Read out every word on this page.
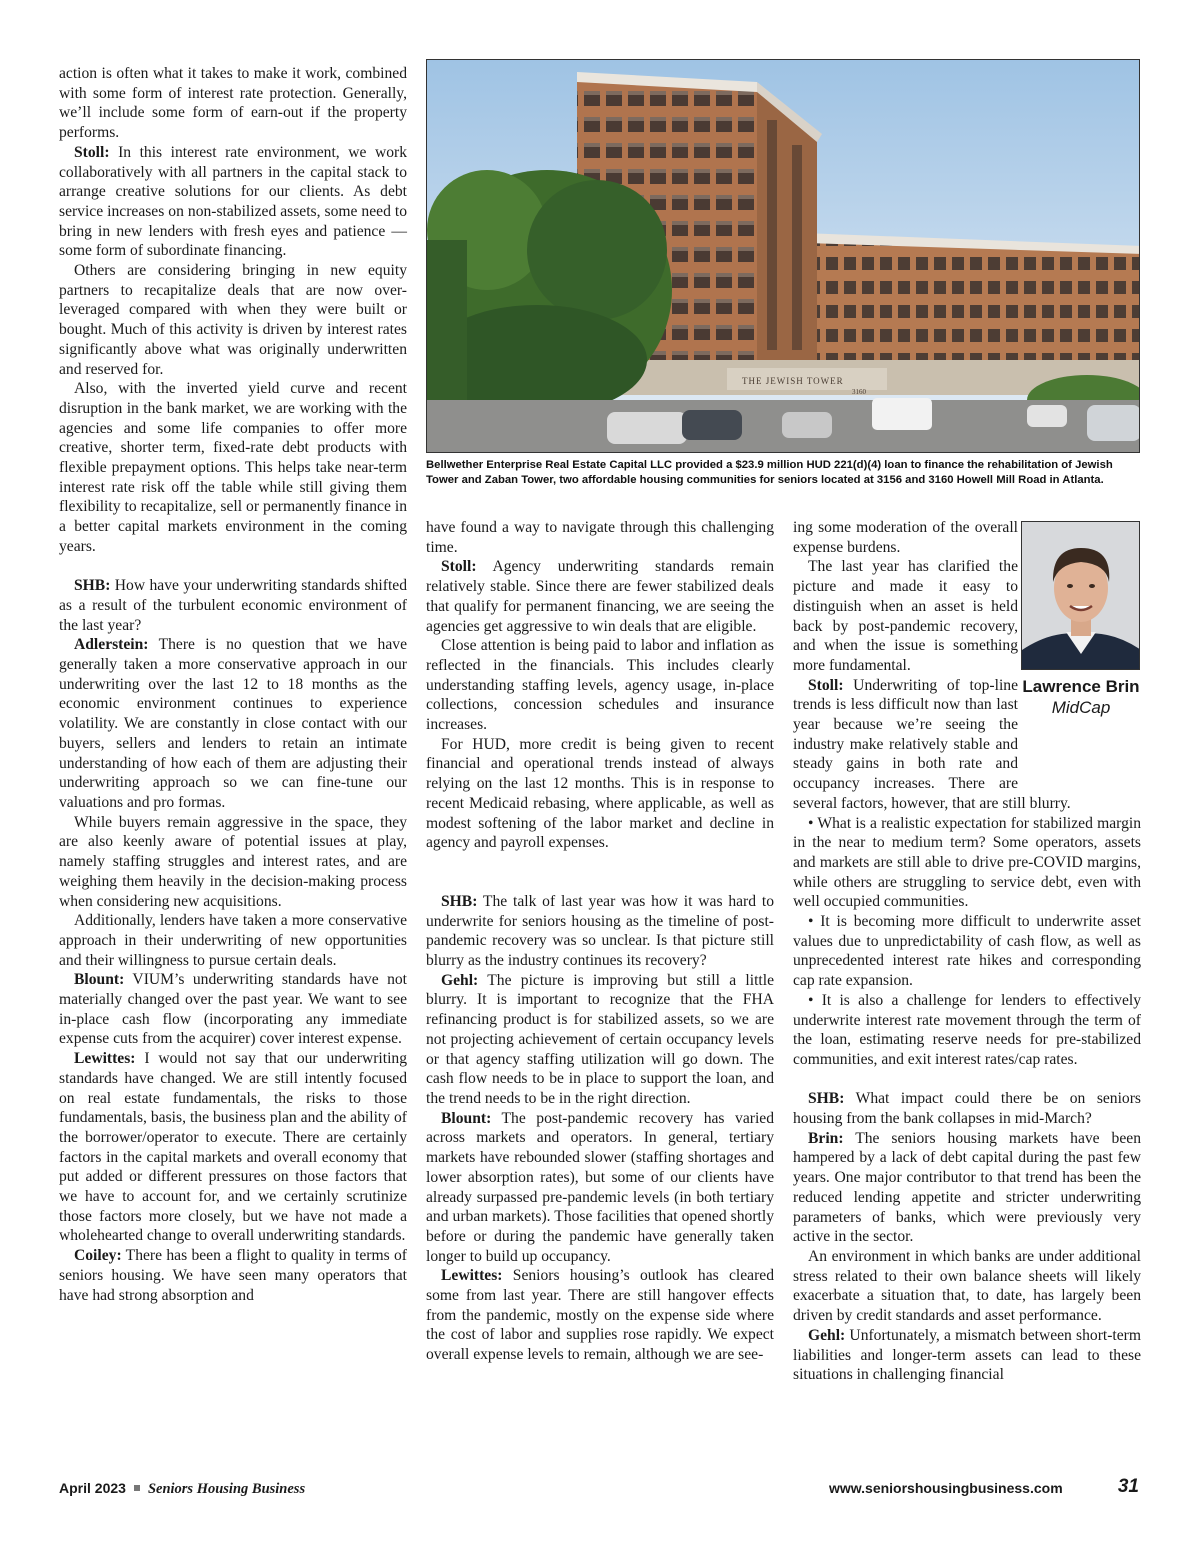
action is often what it takes to make it work, combined with some form of interest rate protection. Generally, we’ll include some form of earn-out if the property performs.

Stoll: In this interest rate environment, we work collaboratively with all partners in the capital stack to arrange creative solutions for our clients. As debt service increases on non-stabilized assets, some need to bring in new lenders with fresh eyes and patience — some form of subordinate financing.

Others are considering bringing in new equity partners to recapitalize deals that are now over-leveraged compared with when they were built or bought. Much of this activity is driven by interest rates significantly above what was originally underwritten and reserved for.

Also, with the inverted yield curve and recent disruption in the bank market, we are working with the agencies and some life companies to offer more creative, shorter term, fixed-rate debt products with flexible prepayment options. This helps take near-term interest rate risk off the table while still giving them flexibility to recapitalize, sell or permanently finance in a better capital markets environment in the coming years.

SHB: How have your underwriting standards shifted as a result of the turbulent economic environment of the last year?

Adlerstein: There is no question that we have generally taken a more conservative approach in our underwriting over the last 12 to 18 months as the economic environment continues to experience volatility. We are constantly in close contact with our buyers, sellers and lenders to retain an intimate understanding of how each of them are adjusting their underwriting approach so we can fine-tune our valuations and pro formas.

While buyers remain aggressive in the space, they are also keenly aware of potential issues at play, namely staffing struggles and interest rates, and are weighing them heavily in the decision-making process when considering new acquisitions.

Additionally, lenders have taken a more conservative approach in their underwriting of new opportunities and their willingness to pursue certain deals.

Blount: VIUM’s underwriting standards have not materially changed over the past year. We want to see in-place cash flow (incorporating any immediate expense cuts from the acquirer) cover interest expense.

Lewittes: I would not say that our underwriting standards have changed. We are still intently focused on real estate fundamentals, the risks to those fundamentals, basis, the business plan and the ability of the borrower/operator to execute. There are certainly factors in the capital markets and overall economy that put added or different pressures on those factors that we have to account for, and we certainly scrutinize those factors more closely, but we have not made a wholehearted change to overall underwriting standards.

Coiley: There has been a flight to quality in terms of seniors housing. We have seen many operators that have had strong absorption and

THE JEWISH TOWER
3160
Bellwether Enterprise Real Estate Capital LLC provided a $23.9 million HUD 221(d)(4) loan to finance the rehabilitation of Jewish Tower and Zaban Tower, two affordable housing communities for seniors located at 3156 and 3160 Howell Mill Road in Atlanta.

have found a way to navigate through this challenging time.

Stoll: Agency underwriting standards remain relatively stable. Since there are fewer stabilized deals that qualify for permanent financing, we are seeing the agencies get aggressive to win deals that are eligible.

Close attention is being paid to labor and inflation as reflected in the financials. This includes clearly understanding staffing levels, agency usage, in-place collections, concession schedules and insurance increases.

For HUD, more credit is being given to recent financial and operational trends instead of always relying on the last 12 months. This is in response to recent Medicaid rebasing, where applicable, as well as modest softening of the labor market and decline in agency and payroll expenses.

SHB: The talk of last year was how it was hard to underwrite for seniors housing as the timeline of post-pandemic recovery was so unclear. Is that picture still blurry as the industry continues its recovery?

Gehl: The picture is improving but still a little blurry. It is important to recognize that the FHA refinancing product is for stabilized assets, so we are not projecting achievement of certain occupancy levels or that agency staffing utilization will go down. The cash flow needs to be in place to support the loan, and the trend needs to be in the right direction.

Blount: The post-pandemic recovery has varied across markets and operators. In general, tertiary markets have rebounded slower (staffing shortages and lower absorption rates), but some of our clients have already surpassed pre-pandemic levels (in both tertiary and urban markets). Those facilities that opened shortly before or during the pandemic have generally taken longer to build up occupancy.

Lewittes: Seniors housing’s outlook has cleared some from last year. There are still hangover effects from the pandemic, mostly on the expense side where the cost of labor and supplies rose rapidly. We expect overall expense levels to remain, although we are see-

Lawrence Brin
MidCap

ing some moderation of the overall expense burdens.

The last year has clarified the picture and made it easy to distinguish when an asset is held back by post-pandemic recovery, and when the issue is something more fundamental.

Stoll: Underwriting of top-line trends is less difficult now than last year because we’re seeing the industry make relatively stable and steady gains in both rate and occupancy increases. There are several factors, however, that are still blurry.

• What is a realistic expectation for stabilized margin in the near to medium term? Some operators, assets and markets are still able to drive pre-COVID margins, while others are struggling to service debt, even with well occupied communities.

• It is becoming more difficult to underwrite asset values due to unpredictability of cash flow, as well as unprecedented interest rate hikes and corresponding cap rate expansion.

• It is also a challenge for lenders to effectively underwrite interest rate movement through the term of the loan, estimating reserve needs for pre-stabilized communities, and exit interest rates/cap rates.

SHB: What impact could there be on seniors housing from the bank collapses in mid-March?

Brin: The seniors housing markets have been hampered by a lack of debt capital during the past few years. One major contributor to that trend has been the reduced lending appetite and stricter underwriting parameters of banks, which were previously very active in the sector.

An environment in which banks are under additional stress related to their own balance sheets will likely exacerbate a situation that, to date, has largely been driven by credit standards and asset performance.

Gehl: Unfortunately, a mismatch between short-term liabilities and longer-term assets can lead to these situations in challenging financial

April 2023 Seniors Housing Business	www.seniorshousingbusiness.com	31
